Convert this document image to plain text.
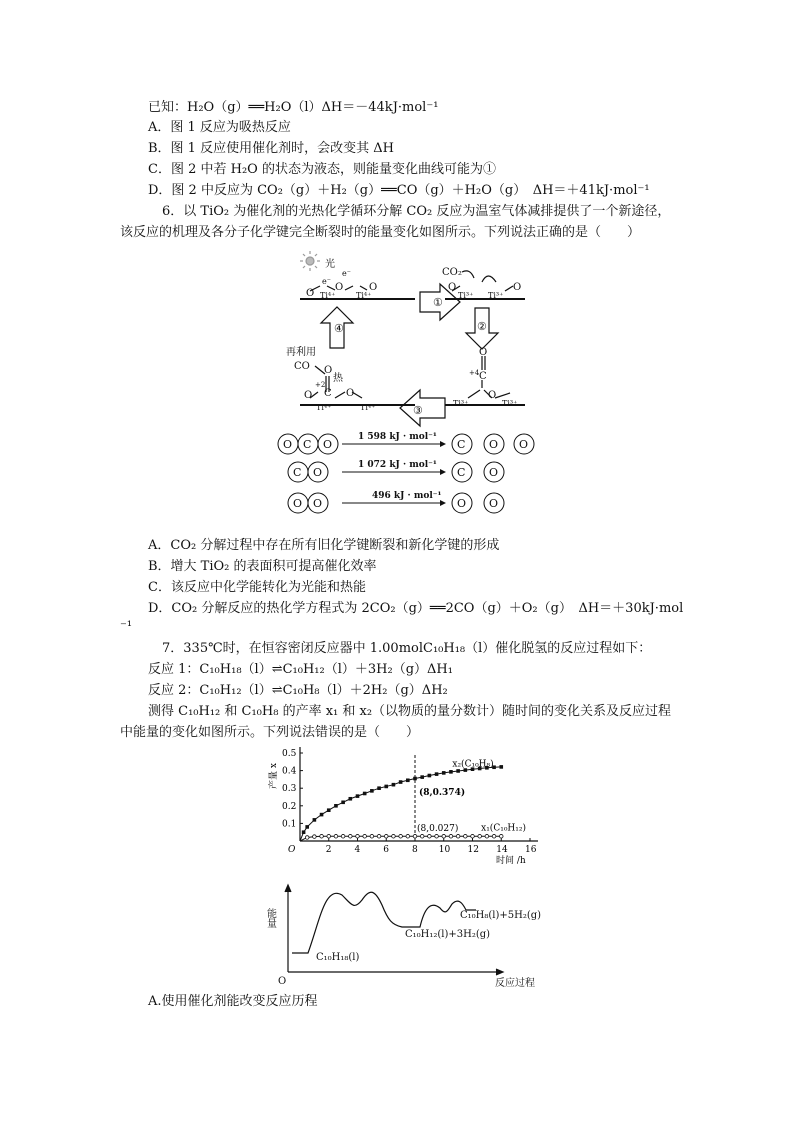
已知：H₂O（g）══H₂O（l）ΔH＝－44kJ·mol⁻¹
A．图 1 反应为吸热反应
B．图 1 反应使用催化剂时，会改变其 ΔH
C．图 2 中若 H₂O 的状态为液态，则能量变化曲线可能为①
D．图 2 中反应为 CO₂（g）＋H₂（g）══CO（g）＋H₂O（g）　ΔH＝＋41kJ·mol⁻¹
6．以 TiO₂ 为催化剂的光热化学循环分解 CO₂ 反应为温室气体减排提供了一个新途径，
该反应的机理及各分子化学键完全断裂时的能量变化如图所示。下列说法正确的是（　　）
光
O Ti⁴⁺
e⁻
O
e⁻
Ti⁴⁺
O
①
CO₂
O
Ti³⁺ Ti³⁺
O
②
O
C
+4
O
Ti³⁺	Ti³⁺
③
④
再利用
CO O
热
+2
C
O
Ti⁴⁺
O
Ti⁴⁺
O C O
1 598 kJ · mol⁻¹
C O O
C O
1 072 kJ · mol⁻¹
C O
O O
496 kJ · mol⁻¹
O O
A．CO₂ 分解过程中存在所有旧化学键断裂和新化学键的形成
B．增大 TiO₂ 的表面积可提高催化效率
C．该反应中化学能转化为光能和热能
D．CO₂ 分解反应的热化学方程式为 2CO₂（g）══2CO（g）＋O₂（g）　ΔH＝＋30kJ·mol
⁻¹
7．335℃时，在恒容密闭反应器中 1.00molC₁₀H₁₈（l）催化脱氢的反应过程如下：
反应 1：C₁₀H₁₈（l）⇌C₁₀H₁₂（l）＋3H₂（g）ΔH₁
反应 2：C₁₀H₁₂（l）⇌C₁₀H₈（l）＋2H₂（g）ΔH₂
测得 C₁₀H₁₂ 和 C₁₀H₈ 的产率 x₁ 和 x₂（以物质的量分数计）随时间的变化关系及反应过程
中能量的变化如图所示。下列说法错误的是（　　）
0.1
0.2
0.3
0.4
0.5
2	4	6	8 10 12 14 16
O
时间 /h
产量 x	x₂(C₁₀H₈)
x₁(C₁₀H₁₂)
(8,0.374)
(8,0.027)
能量
O	反应过程
C₁₀H₁₈(l)
C₁₀H₁₂(l)+3H₂(g)
C₁₀H₈(l)+5H₂(g)
A.使用催化剂能改变反应历程
